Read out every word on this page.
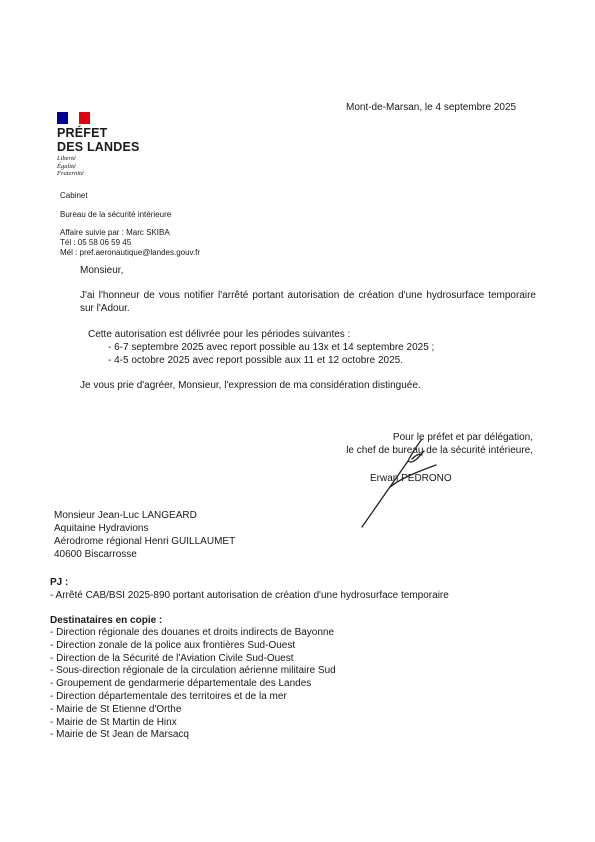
PRÉFET
DES LANDES
Liberté
Égalité
Fraternité
Mont-de-Marsan, le 4 septembre 2025
Cabinet
Bureau de la sécurité intérieure
Affaire suivie par : Marc SKIBA
Tél : 05 58 06 59 45
Mél : pref.aeronautique@landes.gouv.fr
Monsieur,
J'ai l'honneur de vous notifier l'arrêté portant autorisation de création d'une hydrosurface temporaire sur l'Adour.
Cette autorisation est délivrée pour les périodes suivantes :
- 6-7 septembre 2025 avec report possible au 13x et 14 septembre 2025 ;
- 4-5 octobre 2025 avec report possible aux 11 et 12 octobre 2025.
Je vous prie d'agréer, Monsieur, l'expression de ma considération distinguée.
Pour le préfet et par délégation,
le chef de bureau de la sécurité intérieure,
Erwan PEDRONO
Monsieur Jean-Luc LANGEARD
Aquitaine Hydravions
Aérodrome régional Henri GUILLAUMET
40600 Biscarrosse
PJ :
- Arrêté CAB/BSI 2025-890 portant autorisation de création d'une hydrosurface temporaire
Destinataires en copie :
- Direction régionale des douanes et droits indirects de Bayonne
- Direction zonale de la police aux frontières Sud-Ouest
- Direction de la Sécurité de l'Aviation Civile Sud-Ouest
- Sous-direction régionale de la circulation aérienne militaire Sud
- Groupement de gendarmerie départementale des Landes
- Direction départementale des territoires et de la mer
- Mairie de St Etienne d'Orthe
- Mairie de St Martin de Hinx
- Mairie de St Jean de Marsacq
